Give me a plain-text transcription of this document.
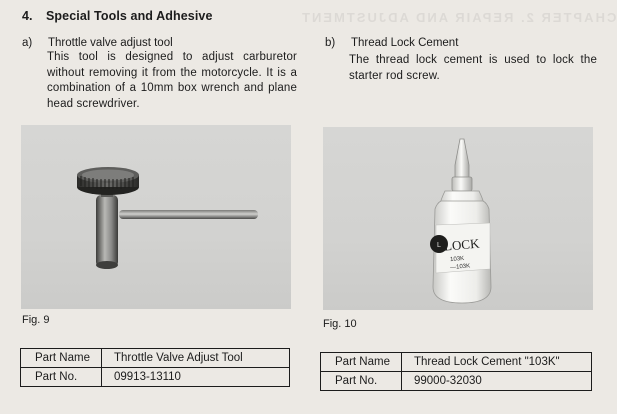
CHAPTER 2. REPAIR AND ADJUSTMENT
4. Special Tools and Adhesive
a) Throttle valve adjust tool
This tool is designed to adjust carburetor without removing it from the motorcycle. It is a combination of a 10mm box wrench and plane head screwdriver.
Fig. 9
Part Name	Throttle Valve Adjust Tool
Part No.	09913-13110
b) Thread Lock Cement
The thread lock cement is used to lock the starter rod screw.
L LOCK
103K
—103K
Fig. 10
Part Name	Thread Lock Cement "103K"
Part No.	99000-32030
